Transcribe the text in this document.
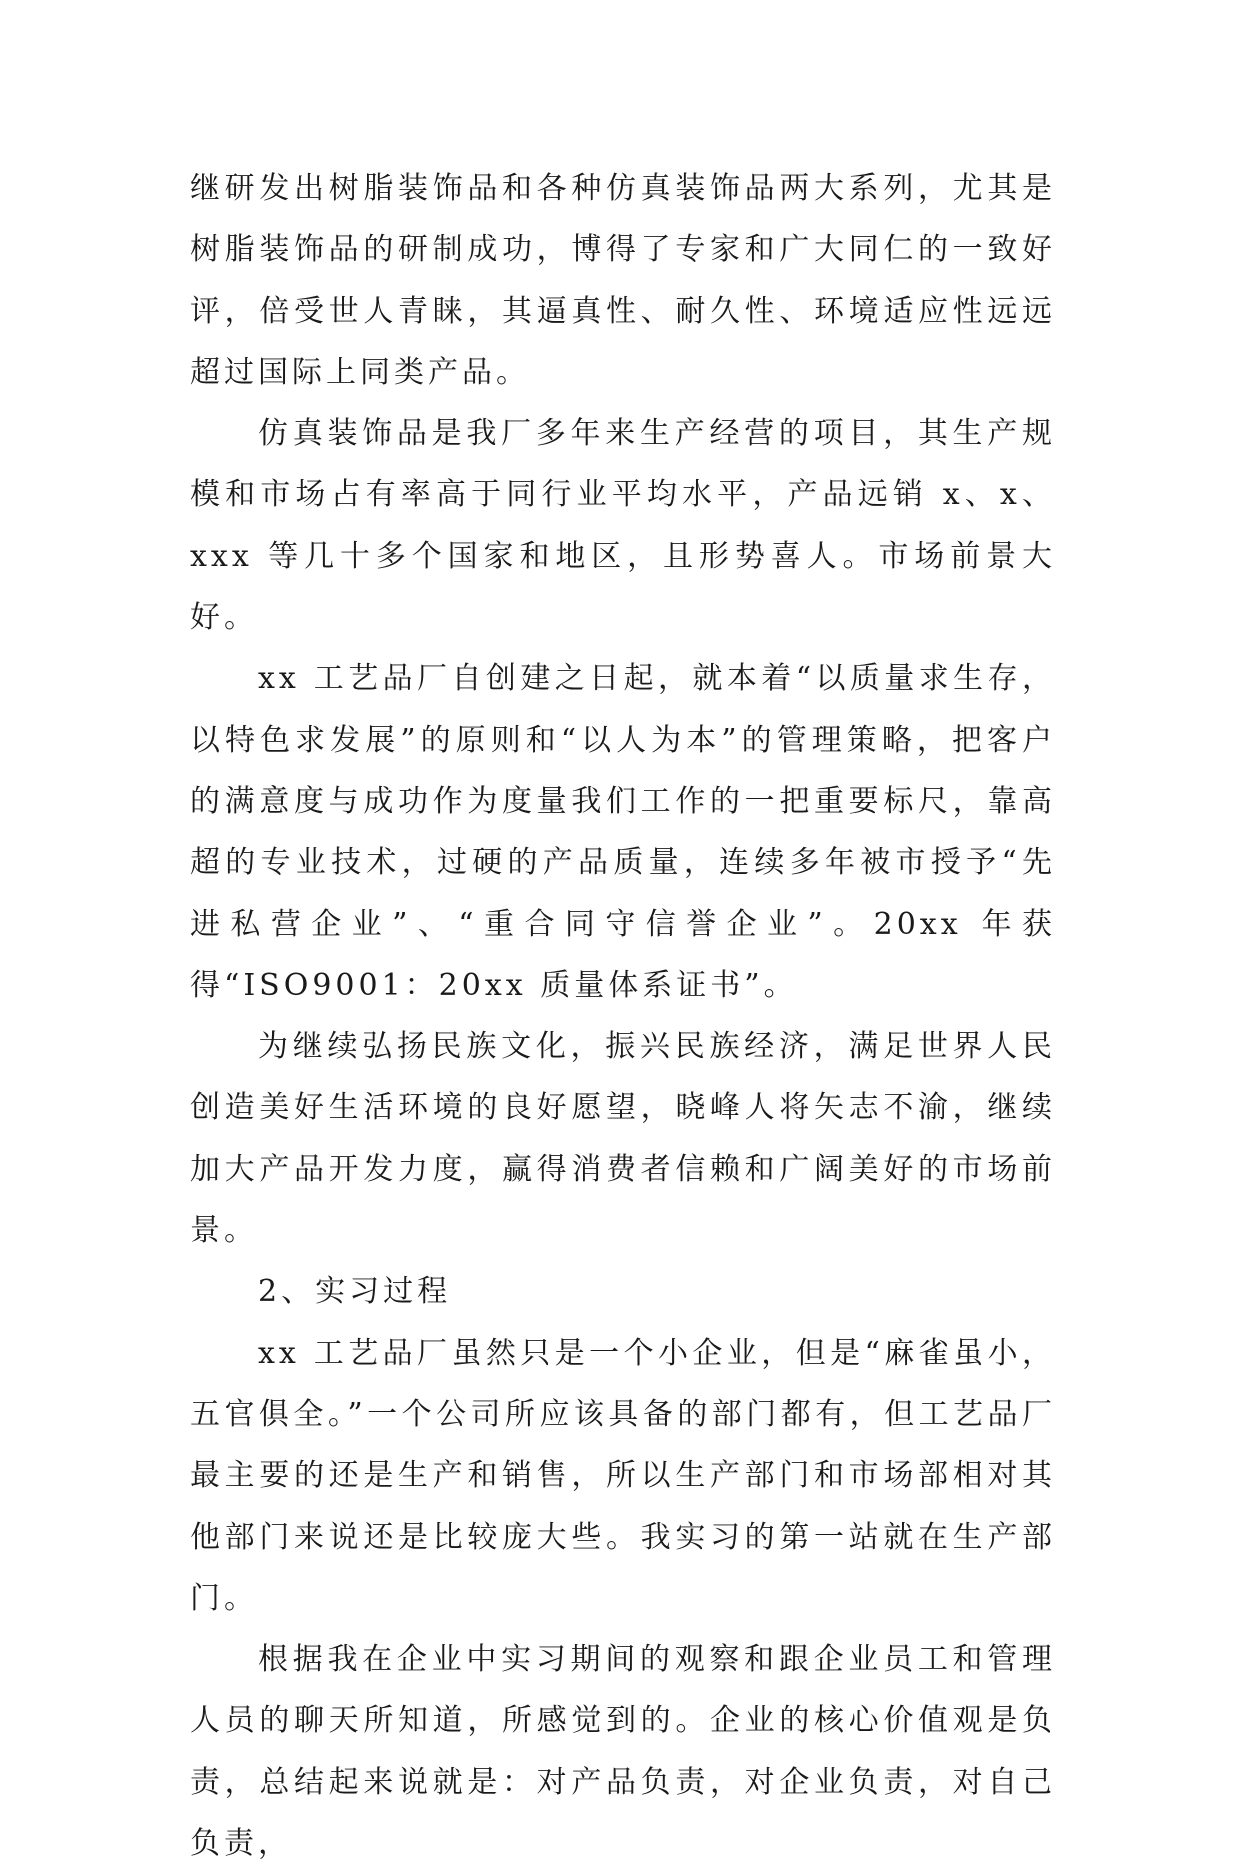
继研发出树脂装饰品和各种仿真装饰品两大系列，尤其是树脂装饰品的研制成功，博得了专家和广大同仁的一致好评，倍受世人青睐，其逼真性、耐久性、环境适应性远远超过国际上同类产品。

仿真装饰品是我厂多年来生产经营的项目，其生产规模和市场占有率高于同行业平均水平，产品远销 x、x、xxx 等几十多个国家和地区，且形势喜人。市场前景大好。

xx 工艺品厂自创建之日起，就本着“以质量求生存，以特色求发展”的原则和“以人为本”的管理策略，把客户的满意度与成功作为度量我们工作的一把重要标尺，靠高超的专业技术，过硬的产品质量，连续多年被市授予“先进私营企业”、“重合同守信誉企业”。20xx 年获得“ISO9001：20xx 质量体系证书”。

为继续弘扬民族文化，振兴民族经济，满足世界人民创造美好生活环境的良好愿望，晓峰人将矢志不渝，继续加大产品开发力度，赢得消费者信赖和广阔美好的市场前景。

2、实习过程

xx 工艺品厂虽然只是一个小企业，但是“麻雀虽小，五官俱全。”一个公司所应该具备的部门都有，但工艺品厂最主要的还是生产和销售，所以生产部门和市场部相对其他部门来说还是比较庞大些。我实习的第一站就在生产部门。

根据我在企业中实习期间的观察和跟企业员工和管理人员的聊天所知道，所感觉到的。企业的核心价值观是负责，总结起来说就是：对产品负责，对企业负责，对自己负责，
